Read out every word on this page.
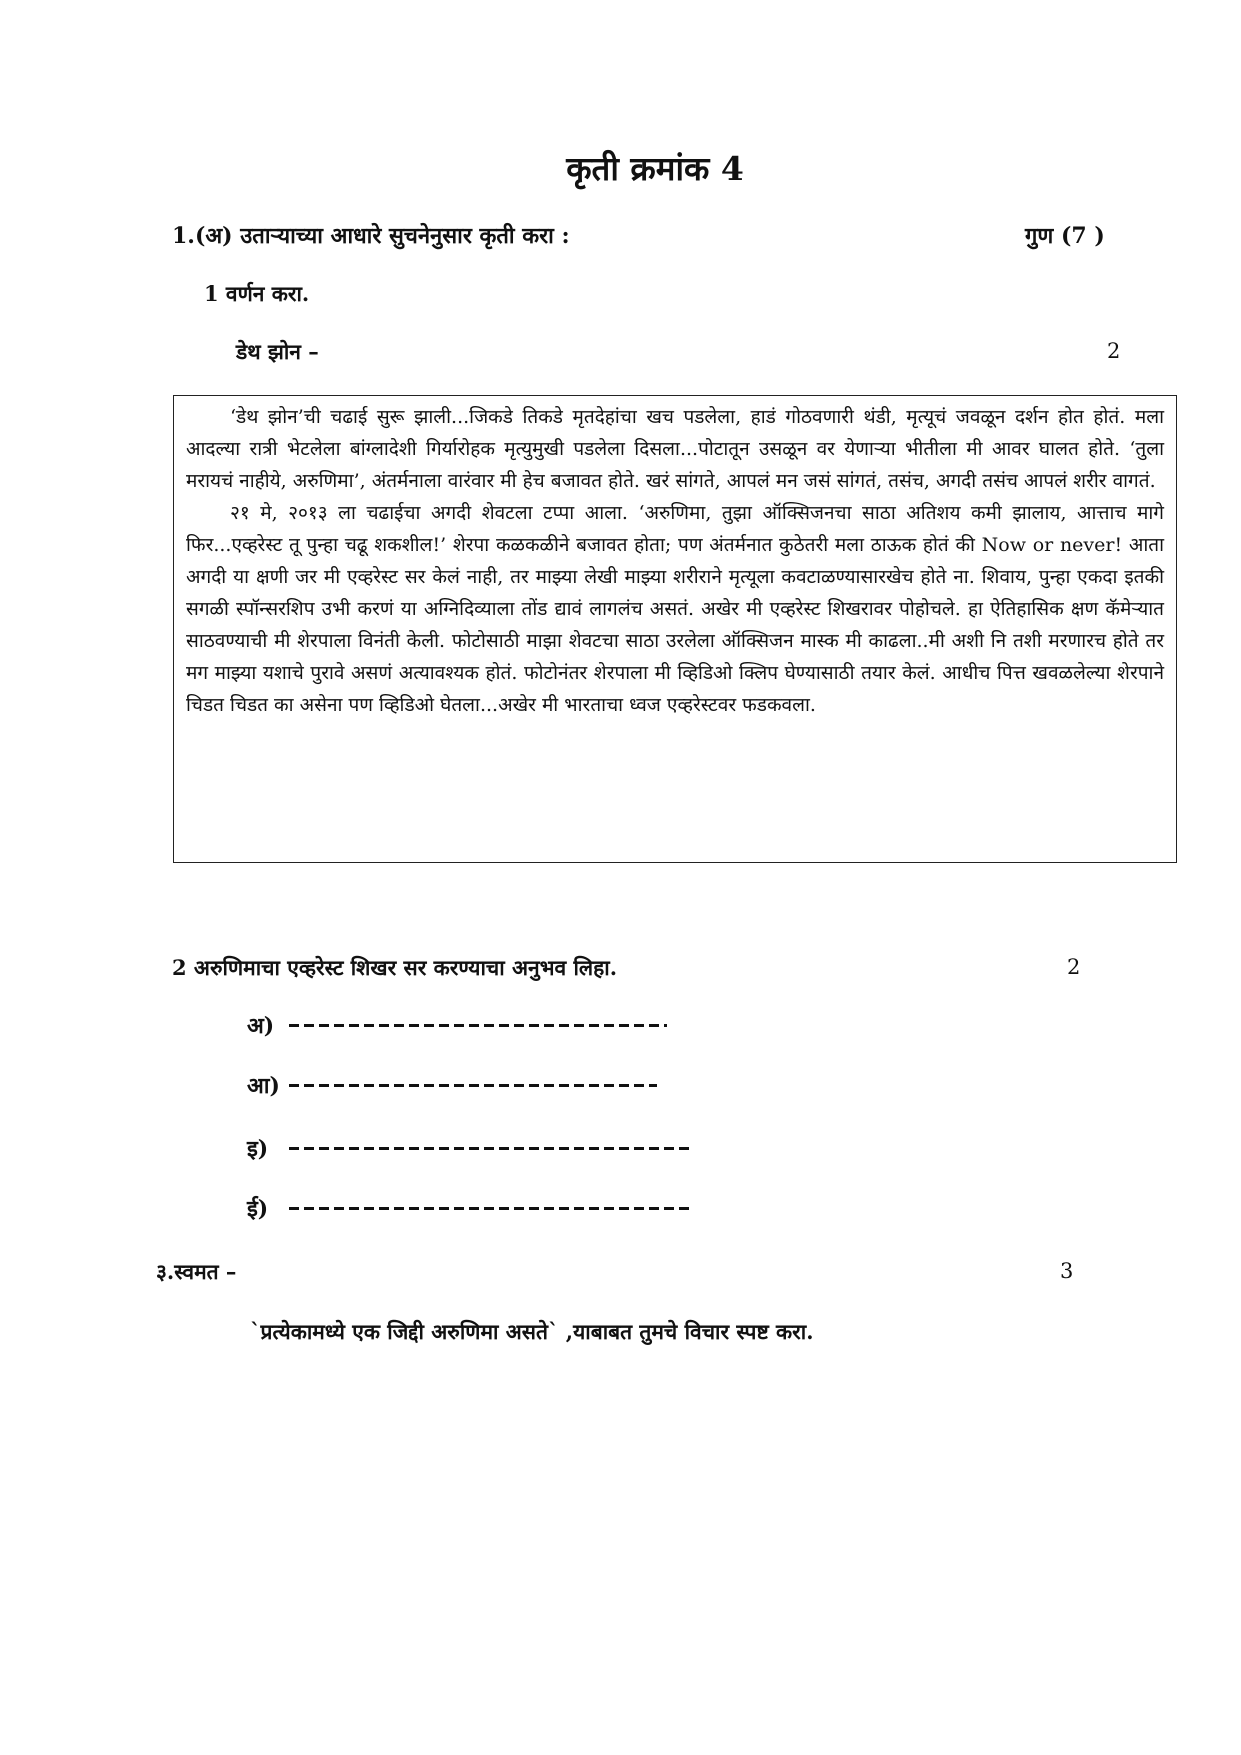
कृती क्रमांक 4
1.(अ) उताऱ्याच्या आधारे सुचनेनुसार कृती करा :	गुण (7 )
1 वर्णन करा.
डेथ झोन –	2

‘डेथ झोन’ची चढाई सुरू झाली...जिकडे तिकडे मृतदेहांचा खच पडलेला, हाडं गोठवणारी थंडी, मृत्यूचं जवळून दर्शन होत होतं. मला आदल्या रात्री भेटलेला बांग्लादेशी गिर्यारोहक मृत्युमुखी पडलेला दिसला...पोटातून उसळून वर येणाऱ्या भीतीला मी आवर घालत होते. ‘तुला मरायचं नाहीये, अरुणिमा’, अंतर्मनाला वारंवार मी हेच बजावत होते. खरं सांगते, आपलं मन जसं सांगतं, तसंच, अगदी तसंच आपलं शरीर वागतं.

२१ मे, २०१३ ला चढाईचा अगदी शेवटला टप्पा आला. ‘अरुणिमा, तुझा ऑक्सिजनचा साठा अतिशय कमी झालाय, आत्ताच मागे फिर...एव्हरेस्ट तू पुन्हा चढू शकशील!’ शेरपा कळकळीने बजावत होता; पण अंतर्मनात कुठेतरी मला ठाऊक होतं की Now or never! आता अगदी या क्षणी जर मी एव्हरेस्ट सर केलं नाही, तर माझ्या लेखी माझ्या शरीराने मृत्यूला कवटाळण्यासारखेच होते ना. शिवाय, पुन्हा एकदा इतकी सगळी स्पॉन्सरशिप उभी करणं या अग्निदिव्याला तोंड द्यावं लागलंच असतं. अखेर मी एव्हरेस्ट शिखरावर पोहोचले. हा ऐतिहासिक क्षण कॅमेऱ्यात साठवण्याची मी शेरपाला विनंती केली. फोटोसाठी माझा शेवटचा साठा उरलेला ऑक्सिजन मास्क मी काढला..मी अशी नि तशी मरणारच होते तर मग माझ्या यशाचे पुरावे असणं अत्यावश्यक होतं. फोटोनंतर शेरपाला मी व्हिडिओ क्लिप घेण्यासाठी तयार केलं. आधीच पित्त खवळलेल्या शेरपाने चिडत चिडत का असेना पण व्हिडिओ घेतला...अखेर मी भारताचा ध्वज एव्हरेस्टवर फडकवला.

2 अरुणिमाचा एव्हरेस्ट शिखर सर करण्याचा अनुभव लिहा.	2
अ)
आ)
इ)
ई)
३.स्वमत –	3
`प्रत्येकामध्ये एक जिद्दी अरुणिमा असते` ,याबाबत तुमचे विचार स्पष्ट करा.
